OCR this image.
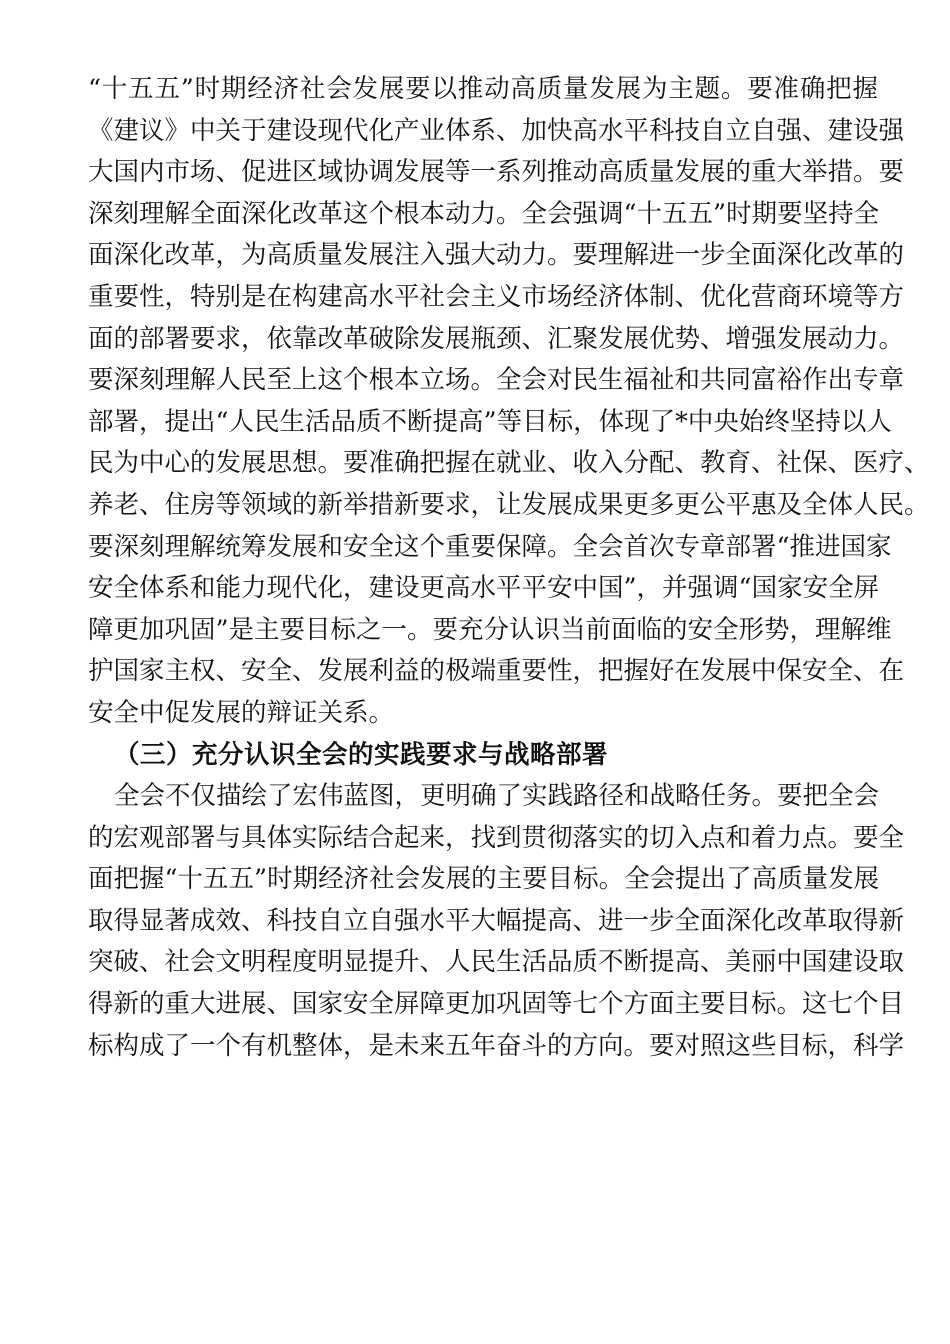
“十五五”时期经济社会发展要以推动高质量发展为主题。要准确把握
《建议》中关于建设现代化产业体系、加快高水平科技自立自强、建设强
大国内市场、促进区域协调发展等一系列推动高质量发展的重大举措。要
深刻理解全面深化改革这个根本动力。全会强调“十五五”时期要坚持全
面深化改革，为高质量发展注入强大动力。要理解进一步全面深化改革的
重要性，特别是在构建高水平社会主义市场经济体制、优化营商环境等方
面的部署要求，依靠改革破除发展瓶颈、汇聚发展优势、增强发展动力。
要深刻理解人民至上这个根本立场。全会对民生福祉和共同富裕作出专章
部署，提出“人民生活品质不断提高”等目标，体现了*中央始终坚持以人
民为中心的发展思想。要准确把握在就业、收入分配、教育、社保、医疗、
养老、住房等领域的新举措新要求，让发展成果更多更公平惠及全体人民。
要深刻理解统筹发展和安全这个重要保障。全会首次专章部署“推进国家
安全体系和能力现代化，建设更高水平平安中国”，并强调“国家安全屏
障更加巩固”是主要目标之一。要充分认识当前面临的安全形势，理解维
护国家主权、安全、发展利益的极端重要性，把握好在发展中保安全、在
安全中促发展的辩证关系。
（三）充分认识全会的实践要求与战略部署
全会不仅描绘了宏伟蓝图，更明确了实践路径和战略任务。要把全会
的宏观部署与具体实际结合起来，找到贯彻落实的切入点和着力点。要全
面把握“十五五”时期经济社会发展的主要目标。全会提出了高质量发展
取得显著成效、科技自立自强水平大幅提高、进一步全面深化改革取得新
突破、社会文明程度明显提升、人民生活品质不断提高、美丽中国建设取
得新的重大进展、国家安全屏障更加巩固等七个方面主要目标。这七个目
标构成了一个有机整体，是未来五年奋斗的方向。要对照这些目标，科学
